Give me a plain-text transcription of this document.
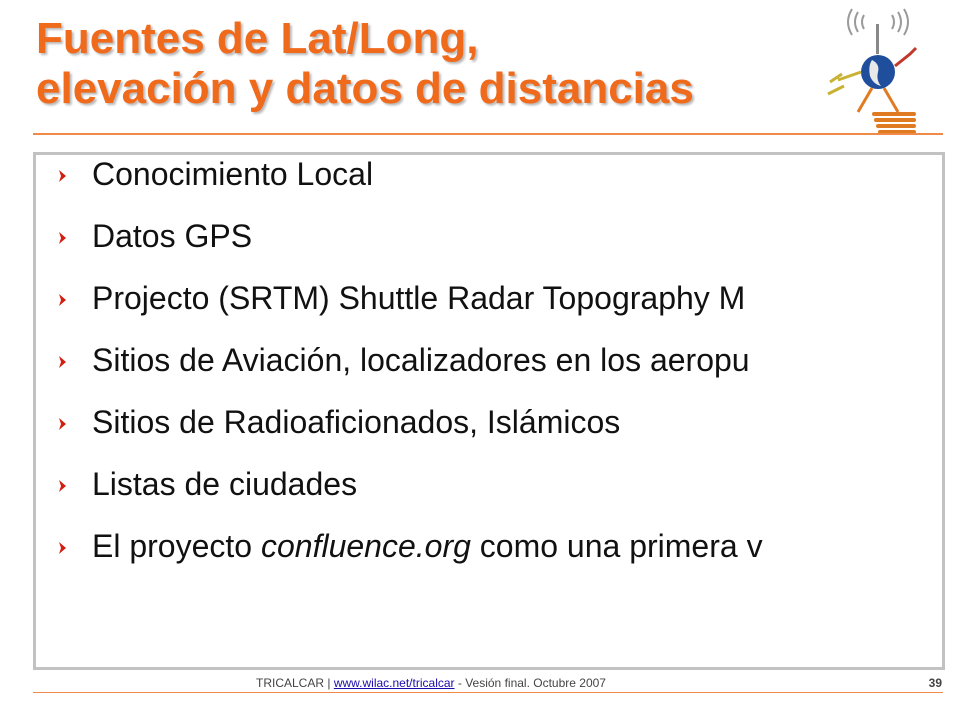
Fuentes de Lat/Long,
elevación y datos de distancias
Conocimiento Local
Datos GPS
Projecto (SRTM) Shuttle Radar Topography M
Sitios de Aviación, localizadores en los aeropu
Sitios de Radioaficionados, Islámicos
Listas de ciudades
El proyecto confluence.org como una primera v
TRICALCAR | www.wilac.net/tricalcar - Vesión final. Octubre 2007	39
